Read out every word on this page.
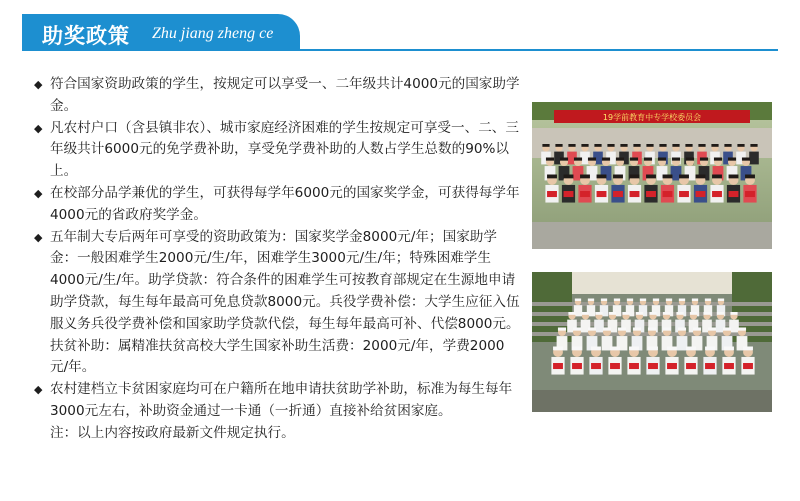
助奖政策 Zhu jiang zheng ce

◆ 符合国家资助政策的学生，按规定可以享受一、二年级共计4000元的国家助学金。

◆ 凡农村户口（含县镇非农）、城市家庭经济困难的学生按规定可享受一、二、三年级共计6000元的免学费补助，享受免学费补助的人数占学生总数的90%以上。

◆ 在校部分品学兼优的学生，可获得每学年6000元的国家奖学金，可获得每学年4000元的省政府奖学金。

◆ 五年制大专后两年可享受的资助政策为：国家奖学金8000元/年；国家助学金：一般困难学生2000元/生/年，困难学生3000元/生/年；特殊困难学生4000元/生/年。助学贷款：符合条件的困难学生可按教育部规定在生源地申请助学贷款，每生每年最高可免息贷款8000元。兵役学费补偿：大学生应征入伍服义务兵役学费补偿和国家助学贷款代偿，每生每年最高可补、代偿8000元。扶贫补助：属精准扶贫高校大学生国家补助生活费：2000元/年，学费2000元/年。

◆ 农村建档立卡贫困家庭均可在户籍所在地申请扶贫助学补助，标准为每生每年3000元左右，补助资金通过一卡通（一折通）直接补给贫困家庭。

注：以上内容按政府最新文件规定执行。
19学前教育中专学校委员会
